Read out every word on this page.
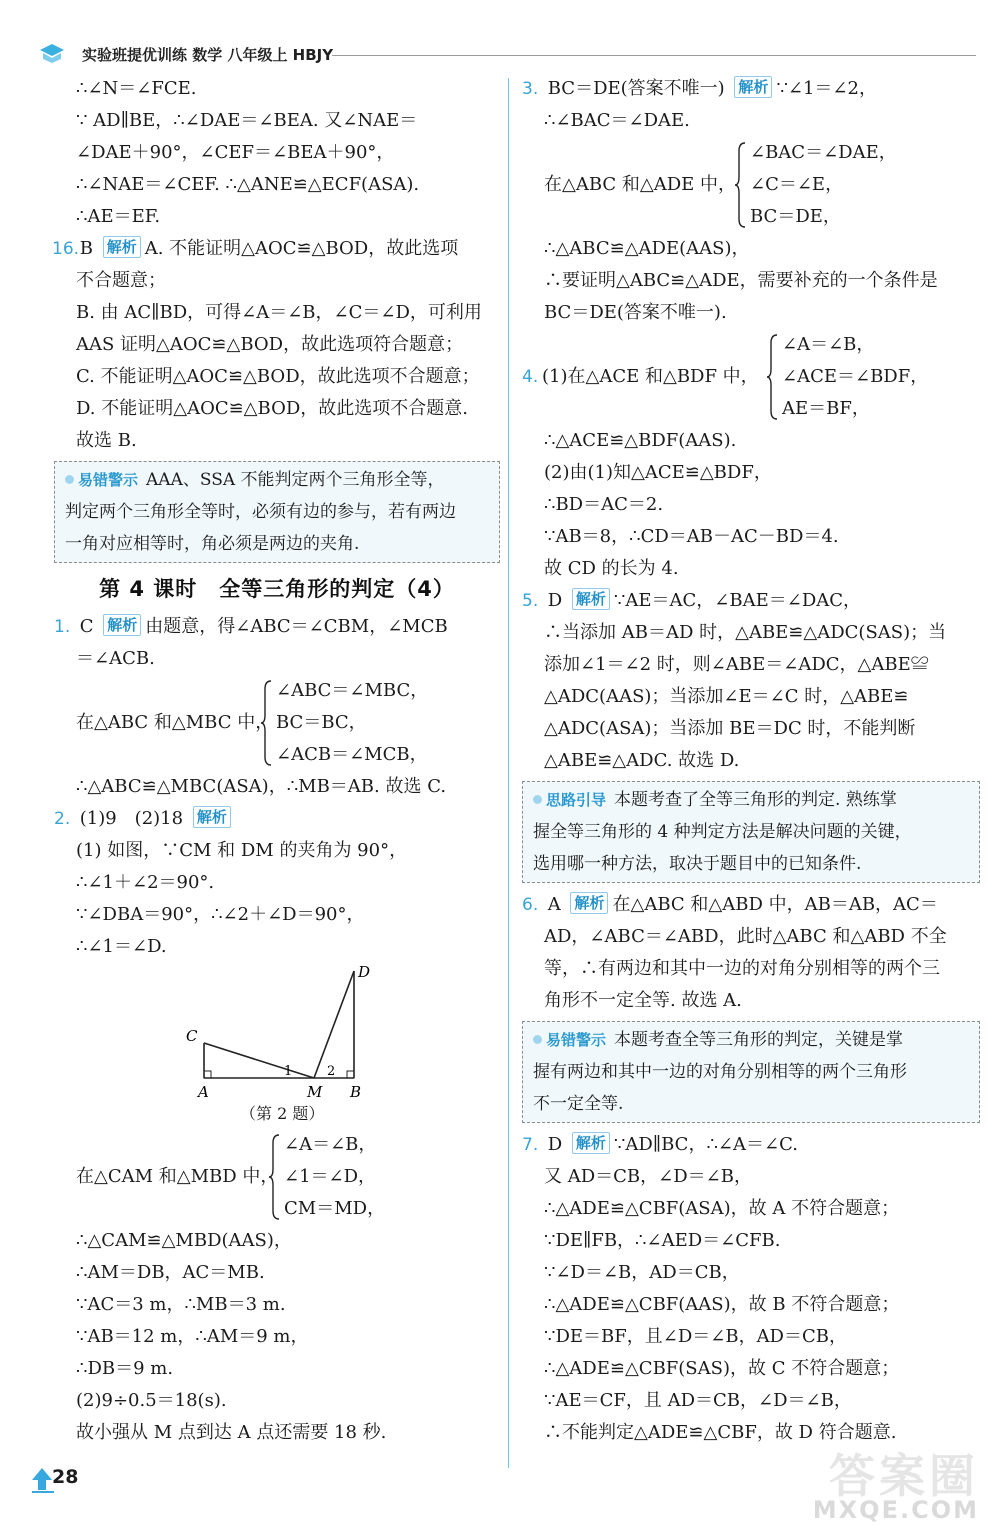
实验班提优训练 数学 八年级上 HBJY
∴∠N＝∠FCE.
∵ AD∥BE，∴∠DAE＝∠BEA. 又∠NAE＝
∠DAE＋90°，∠CEF＝∠BEA＋90°，
∴∠NAE＝∠CEF. ∴△ANE≌△ECF(ASA).
∴AE＝EF.
16. B 解析 A. 不能证明△AOC≌△BOD，故此选项
不合题意；
B. 由 AC∥BD，可得∠A＝∠B，∠C＝∠D，可利用
AAS 证明△AOC≌△BOD，故此选项符合题意；
C. 不能证明△AOC≌△BOD，故此选项不合题意；
D. 不能证明△AOC≌△BOD，故此选项不合题意.
故选 B.
易错警示 AAA、SSA 不能判定两个三角形全等，
判定两个三角形全等时，必须有边的参与，若有两边
一角对应相等时，角必须是两边的夹角.
第 4 课时　全等三角形的判定（4）
1. C 解析 由题意，得∠ABC＝∠CBM，∠MCB
＝∠ACB.
在△ABC 和△MBC 中，
∠ABC＝∠MBC，
BC＝BC，
∠ACB＝∠MCB，
∴△ABC≌△MBC(ASA)，∴MB＝AB. 故选 C.
2. (1)9　(2)18 解析
(1) 如图，∵CM 和 DM 的夹角为 90°，
∴∠1＋∠2＝90°.
∵∠DBA＝90°，∴∠2＋∠D＝90°，
∴∠1＝∠D.
C
A	M B
D
1	2
（第 2 题）
在△CAM 和△MBD 中，
∠A＝∠B，
∠1＝∠D，
CM＝MD，
∴△CAM≌△MBD(AAS)，
∴AM＝DB，AC＝MB.
∵AC＝3 m，∴MB＝3 m.
∵AB＝12 m，∴AM＝9 m，
∴DB＝9 m.
(2)9÷0.5＝18(s).
故小强从 M 点到达 A 点还需要 18 秒.
3. BC＝DE(答案不唯一) 解析 ∵∠1＝∠2，
∴∠BAC＝∠DAE.
在△ABC 和△ADE 中，
∠BAC＝∠DAE，
∠C＝∠E，
BC＝DE，
∴△ABC≌△ADE(AAS)，
∴要证明△ABC≌△ADE，需要补充的一个条件是
BC＝DE(答案不唯一).
4. (1)在△ACE 和△BDF 中，
∠A＝∠B，
∠ACE＝∠BDF，
AE＝BF，
∴△ACE≌△BDF(AAS).
(2)由(1)知△ACE≌△BDF，
∴BD＝AC＝2.
∵AB＝8，∴CD＝AB－AC－BD＝4.
故 CD 的长为 4.
5. D 解析 ∵AE＝AC，∠BAE＝∠DAC，
∴当添加 AB＝AD 时，△ABE≌△ADC(SAS)；当
添加∠1＝∠2 时，则∠ABE＝∠ADC，△ABE≌
△ADC(AAS)；当添加∠E＝∠C 时，△ABE≌
△ADC(ASA)；当添加 BE＝DC 时，不能判断
△ABE≌△ADC. 故选 D.
思路引导 本题考查了全等三角形的判定. 熟练掌
握全等三角形的 4 种判定方法是解决问题的关键，
选用哪一种方法，取决于题目中的已知条件.
6. A 解析 在△ABC 和△ABD 中，AB＝AB，AC＝
AD，∠ABC＝∠ABD，此时△ABC 和△ABD 不全
等，∴有两边和其中一边的对角分别相等的两个三
角形不一定全等. 故选 A.
易错警示 本题考查全等三角形的判定，关键是掌
握有两边和其中一边的对角分别相等的两个三角形
不一定全等.
7. D 解析 ∵AD∥BC，∴∠A＝∠C.
又 AD＝CB，∠D＝∠B，
∴△ADE≌△CBF(ASA)，故 A 不符合题意；
∵DE∥FB，∴∠AED＝∠CFB.
∵∠D＝∠B，AD＝CB，
∴△ADE≌△CBF(AAS)，故 B 不符合题意；
∵DE＝BF，且∠D＝∠B，AD＝CB，
∴△ADE≌△CBF(SAS)，故 C 不符合题意；
∵AE＝CF，且 AD＝CB，∠D＝∠B，
∴不能判定△ADE≌△CBF，故 D 符合题意.
28	答案圈
MXQE.COM
